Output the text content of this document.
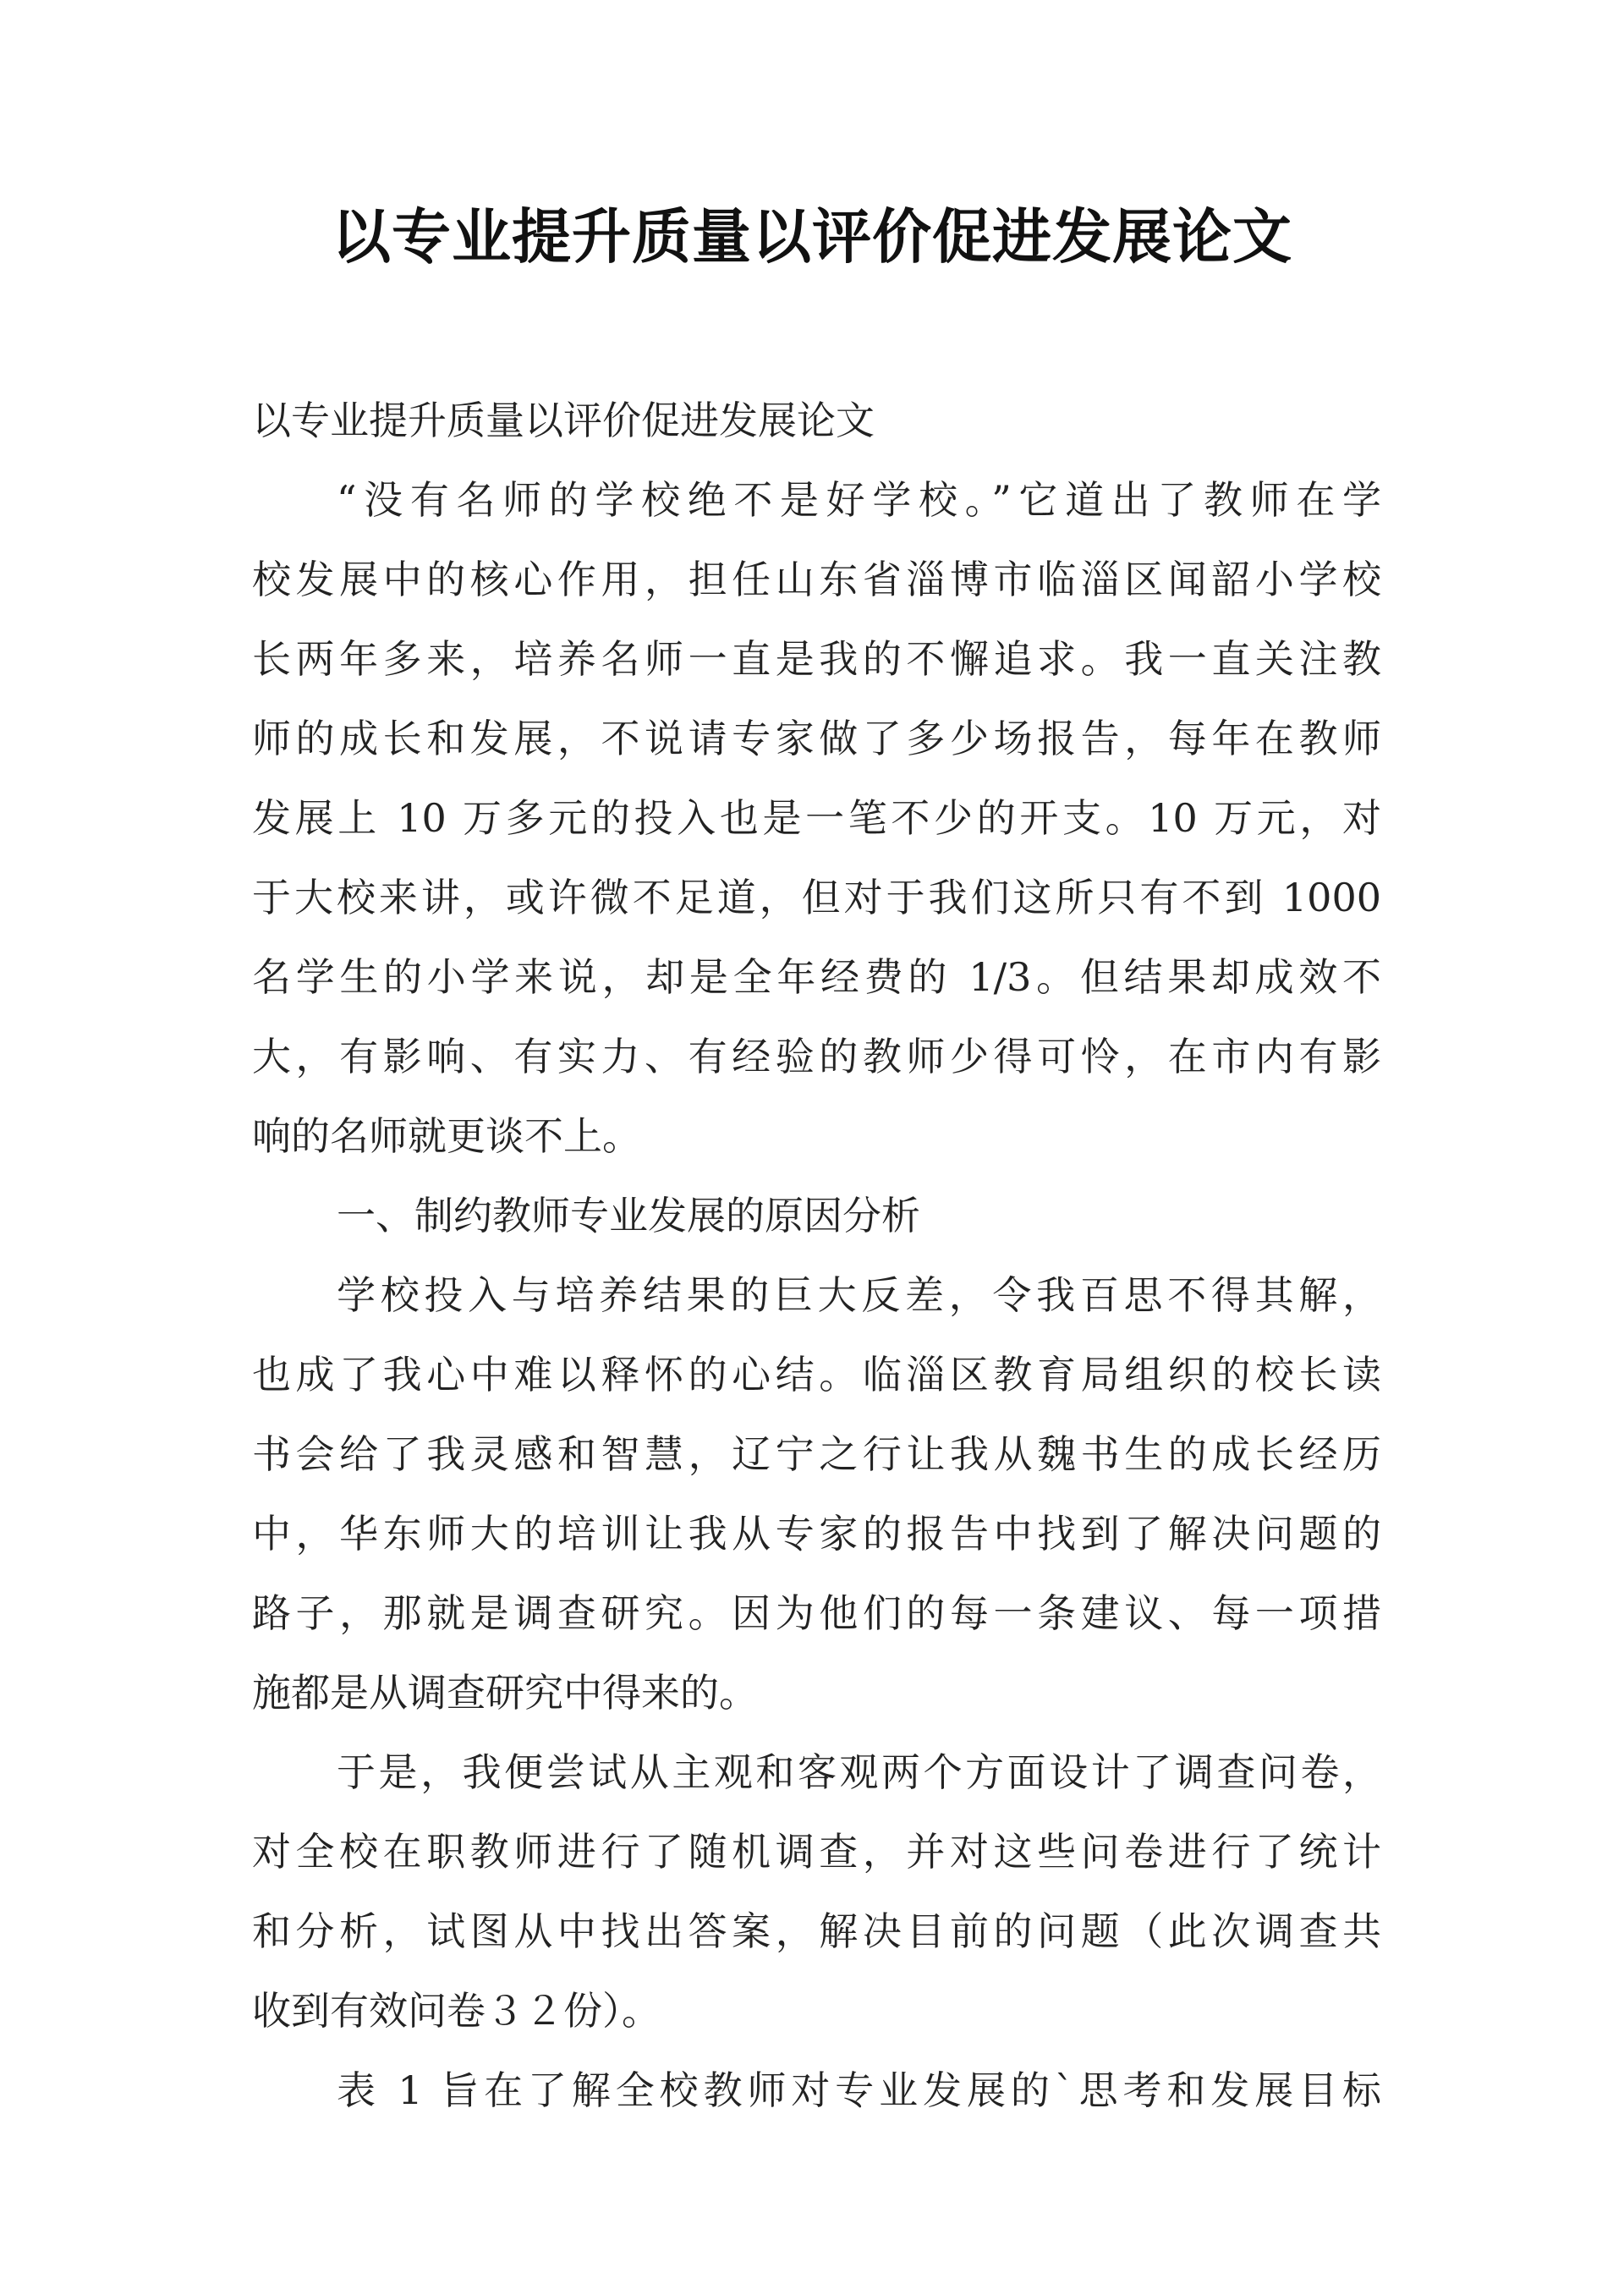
以专业提升质量以评价促进发展论文
以专业提升质量以评价促进发展论文
“没有名师的学校绝不是好学校。”它道出了教师在学
校发展中的核心作用，担任山东省淄博市临淄区闻韶小学校
长两年多来，培养名师一直是我的不懈追求。我一直关注教
师的成长和发展，不说请专家做了多少场报告，每年在教师
发展上 10 万多元的投入也是一笔不少的开支。10 万元，对
于大校来讲，或许微不足道，但对于我们这所只有不到 1000
名学生的小学来说，却是全年经费的 1/3。但结果却成效不
大，有影响、有实力、有经验的教师少得可怜，在市内有影
响的名师就更谈不上。
一、制约教师专业发展的原因分析
学校投入与培养结果的巨大反差，令我百思不得其解，
也成了我心中难以释怀的心结。临淄区教育局组织的校长读
书会给了我灵感和智慧，辽宁之行让我从魏书生的成长经历
中，华东师大的培训让我从专家的报告中找到了解决问题的
路子，那就是调查研究。因为他们的每一条建议、每一项措
施都是从调查研究中得来的。
于是，我便尝试从主观和客观两个方面设计了调查问卷，
对全校在职教师进行了随机调查，并对这些问卷进行了统计
和分析，试图从中找出答案，解决目前的问题（此次调查共
收到有效问卷３２份）。
表 1 旨在了解全校教师对专业发展的`思考和发展目标
